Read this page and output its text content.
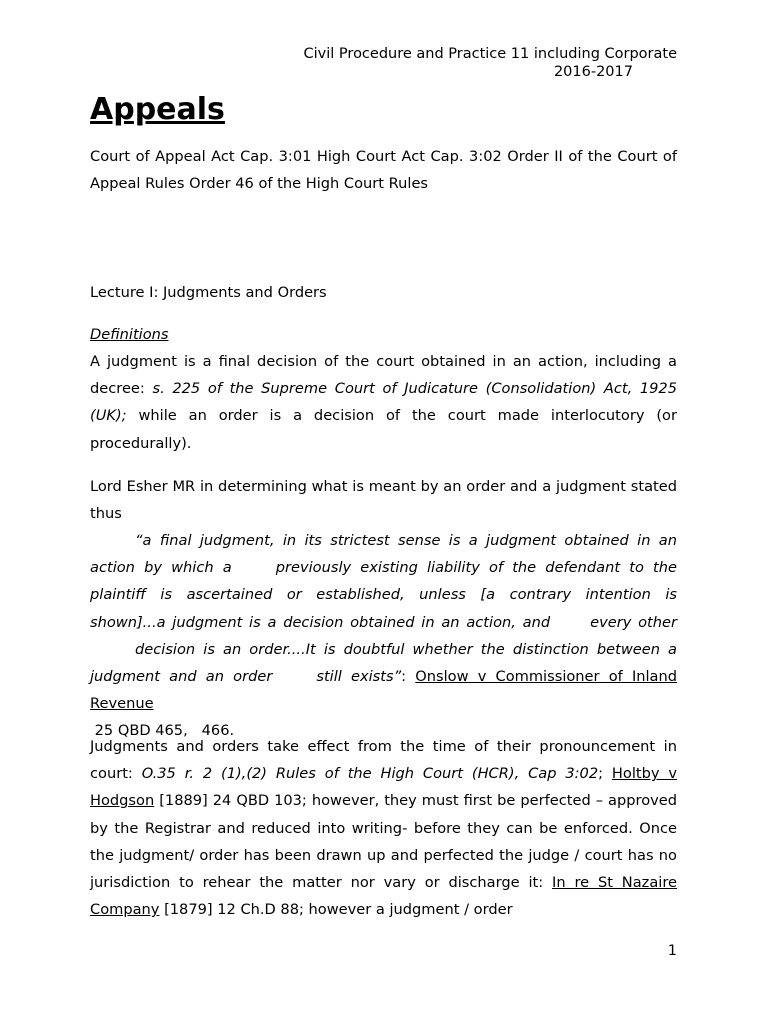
Civil Procedure and Practice 11 including Corporate

2016-2017
Appeals

Court of Appeal Act Cap. 3:01 High Court Act Cap. 3:02 Order II of the Court of Appeal Rules Order 46 of the High Court Rules

Lecture I: Judgments and Orders

Definitions

A judgment is a final decision of the court obtained in an action, including a decree: s. 225 of the Supreme Court of Judicature (Consolidation) Act, 1925 (UK); while an order is a decision of the court made interlocutory (or procedurally).

Lord Esher MR in determining what is meant by an order and a judgment stated thus

“a final judgment, in its strictest sense is a judgment obtained in an
action by which a	previously existing liability of the defendant to the
plaintiff is ascertained or established, unless [a contrary intention is
shown]...a judgment is a decision obtained in an action, and	every other
decision is an order....It is doubtful whether the distinction between a
judgment and an order	still exists”: Onslow v Commissioner of Inland Revenue
25 QBD 465,   466.

Judgments and orders take effect from the time of their pronouncement in court: O.35 r. 2 (1),(2) Rules of the High Court (HCR), Cap 3:02; Holtby v Hodgson [1889] 24 QBD 103; however, they must first be perfected – approved by the Registrar and reduced into writing- before they can be enforced. Once the judgment/ order has been drawn up and perfected the judge / court has no jurisdiction to rehear the matter nor vary or discharge it: In re St Nazaire Company [1879] 12 Ch.D 88; however a judgment / order

1
